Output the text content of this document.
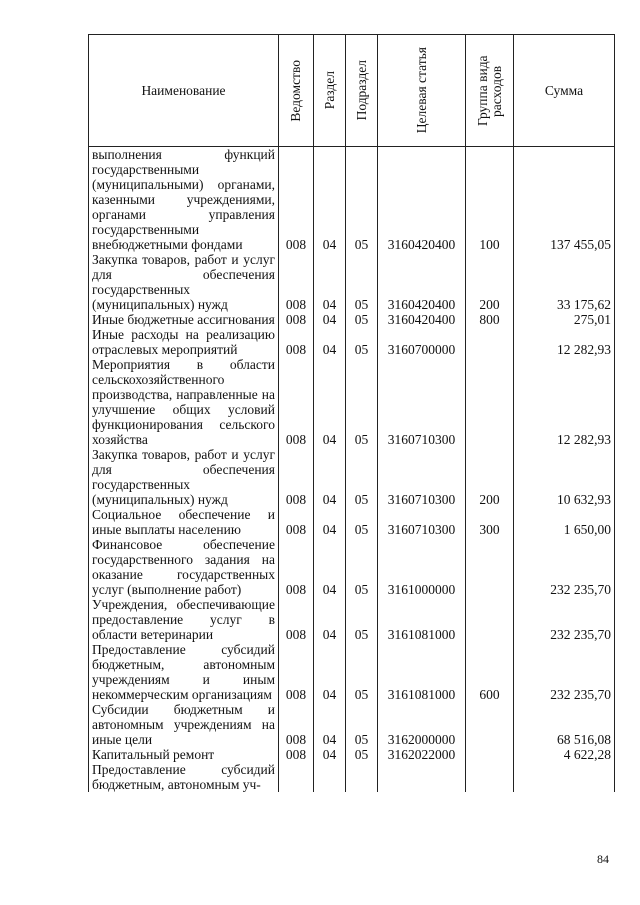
Наименование	Ведомство	Раздел	Подраздел	Целевая статья	Группа вида расходов	Сумма
выполнения функций государственными (муниципальными) органами, казенными учреждениями, органами управления государственными внебюджетными фондами	008	04	05	3160420400	100	137 455,05
Закупка товаров, работ и услуг для обеспечения государственных (муниципальных) нужд	008	04	05	3160420400	200	33 175,62
Иные бюджетные ассигнования	008	04	05	3160420400	800	275,01
Иные расходы на реализацию отраслевых мероприятий	008	04	05	3160700000		12 282,93
Мероприятия в области сельскохозяйственного производства, направленные на улучшение общих условий функционирования сельского хозяйства	008	04	05	3160710300		12 282,93
Закупка товаров, работ и услуг для обеспечения государственных (муниципальных) нужд	008	04	05	3160710300	200	10 632,93
Социальное обеспечение и иные выплаты населению	008	04	05	3160710300	300	1 650,00
Финансовое обеспечение государственного задания на оказание государственных услуг (выполнение работ)	008	04	05	3161000000		232 235,70
Учреждения, обеспечивающие предоставление услуг в области ветеринарии	008	04	05	3161081000		232 235,70
Предоставление субсидий бюджетным, автономным учреждениям и иным некоммерческим организациям	008	04	05	3161081000	600	232 235,70
Субсидии бюджетным и автономным учреждениям на иные цели	008	04	05	3162000000		68 516,08
Капитальный ремонт	008	04	05	3162022000		4 622,28
Предоставление субсидий бюджетным, автономным уч-						
84
